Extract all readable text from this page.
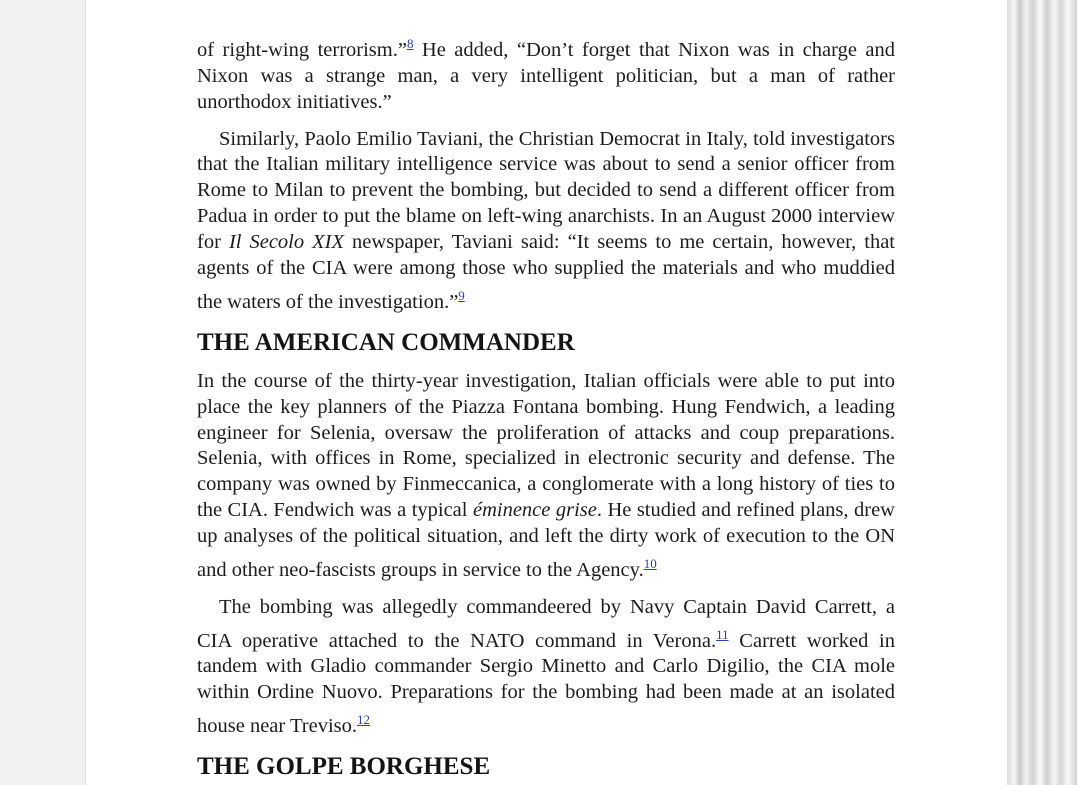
of right-wing terrorism.”$^8$ He added, “Don’t forget that Nixon was in charge and Nixon was a strange man, a very intelligent politician, but a man of rather unorthodox initiatives.”

Similarly, Paolo Emilio Taviani, the Christian Democrat in Italy, told investigators that the Italian military intelligence service was about to send a senior officer from Rome to Milan to prevent the bombing, but decided to send a different officer from Padua in order to put the blame on left-wing anarchists. In an August 2000 interview for Il Secolo XIX newspaper, Taviani said: “It seems to me certain, however, that agents of the CIA were among those who supplied the materials and who muddied the waters of the investigation.”$^9$

THE AMERICAN COMMANDER

In the course of the thirty-year investigation, Italian officials were able to put into place the key planners of the Piazza Fontana bombing. Hung Fendwich, a leading engineer for Selenia, oversaw the proliferation of attacks and coup preparations. Selenia, with offices in Rome, specialized in electronic security and defense. The company was owned by Finmeccanica, a conglomerate with a long history of ties to the CIA. Fendwich was a typical éminence grise. He studied and refined plans, drew up analyses of the political situation, and left the dirty work of execution to the ON and other neo-fascists groups in service to the Agency.$^{10}$

The bombing was allegedly commandeered by Navy Captain David Carrett, a CIA operative attached to the NATO command in Verona.$^{11}$ Carrett worked in tandem with Gladio commander Sergio Minetto and Carlo Digilio, the CIA mole within Ordine Nuovo. Preparations for the bombing had been made at an isolated house near Treviso.$^{12}$

THE GOLPE BORGHESE
